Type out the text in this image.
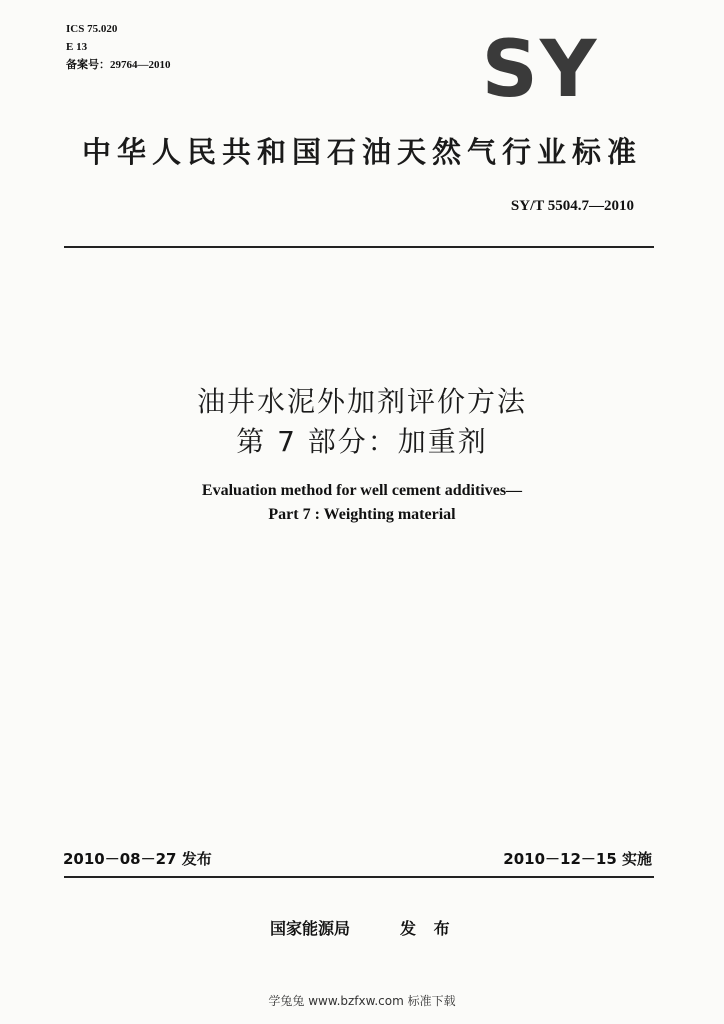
ICS 75.020
E 13
备案号：29764—2010	SY
中华人民共和国石油天然气行业标准
SY/T 5504.7—2010
油井水泥外加剂评价方法
第 7 部分：加重剂
Evaluation method for well cement additives—
Part 7 : Weighting material
2010－08－27 发布	2010－12－15 实施
国家能源局	发 布
学兔兔 www.bzfxw.com 标准下载
